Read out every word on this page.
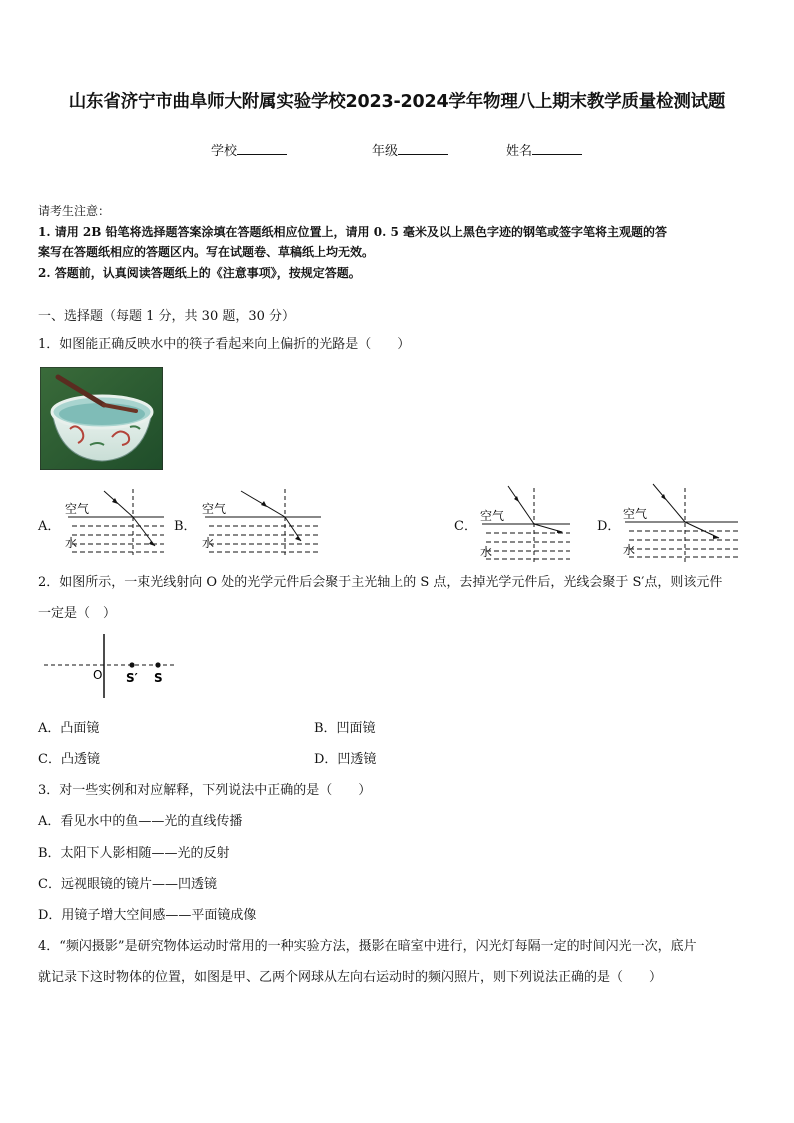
山东省济宁市曲阜师大附属实验学校2023-2024学年物理八上期末教学质量检测试题
学校	年级	姓名
请考生注意：
1. 请用 2B 铅笔将选择题答案涂填在答题纸相应位置上，请用 0. 5 毫米及以上黑色字迹的钢笔或签字笔将主观题的答
案写在答题纸相应的答题区内。写在试题卷、草稿纸上均无效。
2. 答题前，认真阅读答题纸上的《注意事项》，按规定答题。
一、选择题（每题 1 分，共 30 题，30 分）
1．如图能正确反映水中的筷子看起来向上偏折的光路是（　　）
A．
空气
水
B．
空气
水
C．
空气
水
D．
空气
水
2．如图所示，一束光线射向 O 处的光学元件后会聚于主光轴上的 S 点，去掉光学元件后，光线会聚于 S′点，则该元件
一定是（　）
O S′ S
A．凸面镜	B．凹面镜
C．凸透镜	D．凹透镜
3．对一些实例和对应解释，下列说法中正确的是（　　）
A．看见水中的鱼——光的直线传播
B．太阳下人影相随——光的反射
C．远视眼镜的镜片——凹透镜
D．用镜子增大空间感——平面镜成像
4．“频闪摄影”是研究物体运动时常用的一种实验方法，摄影在暗室中进行，闪光灯每隔一定的时间闪光一次，底片
就记录下这时物体的位置，如图是甲、乙两个网球从左向右运动时的频闪照片，则下列说法正确的是（　　）
